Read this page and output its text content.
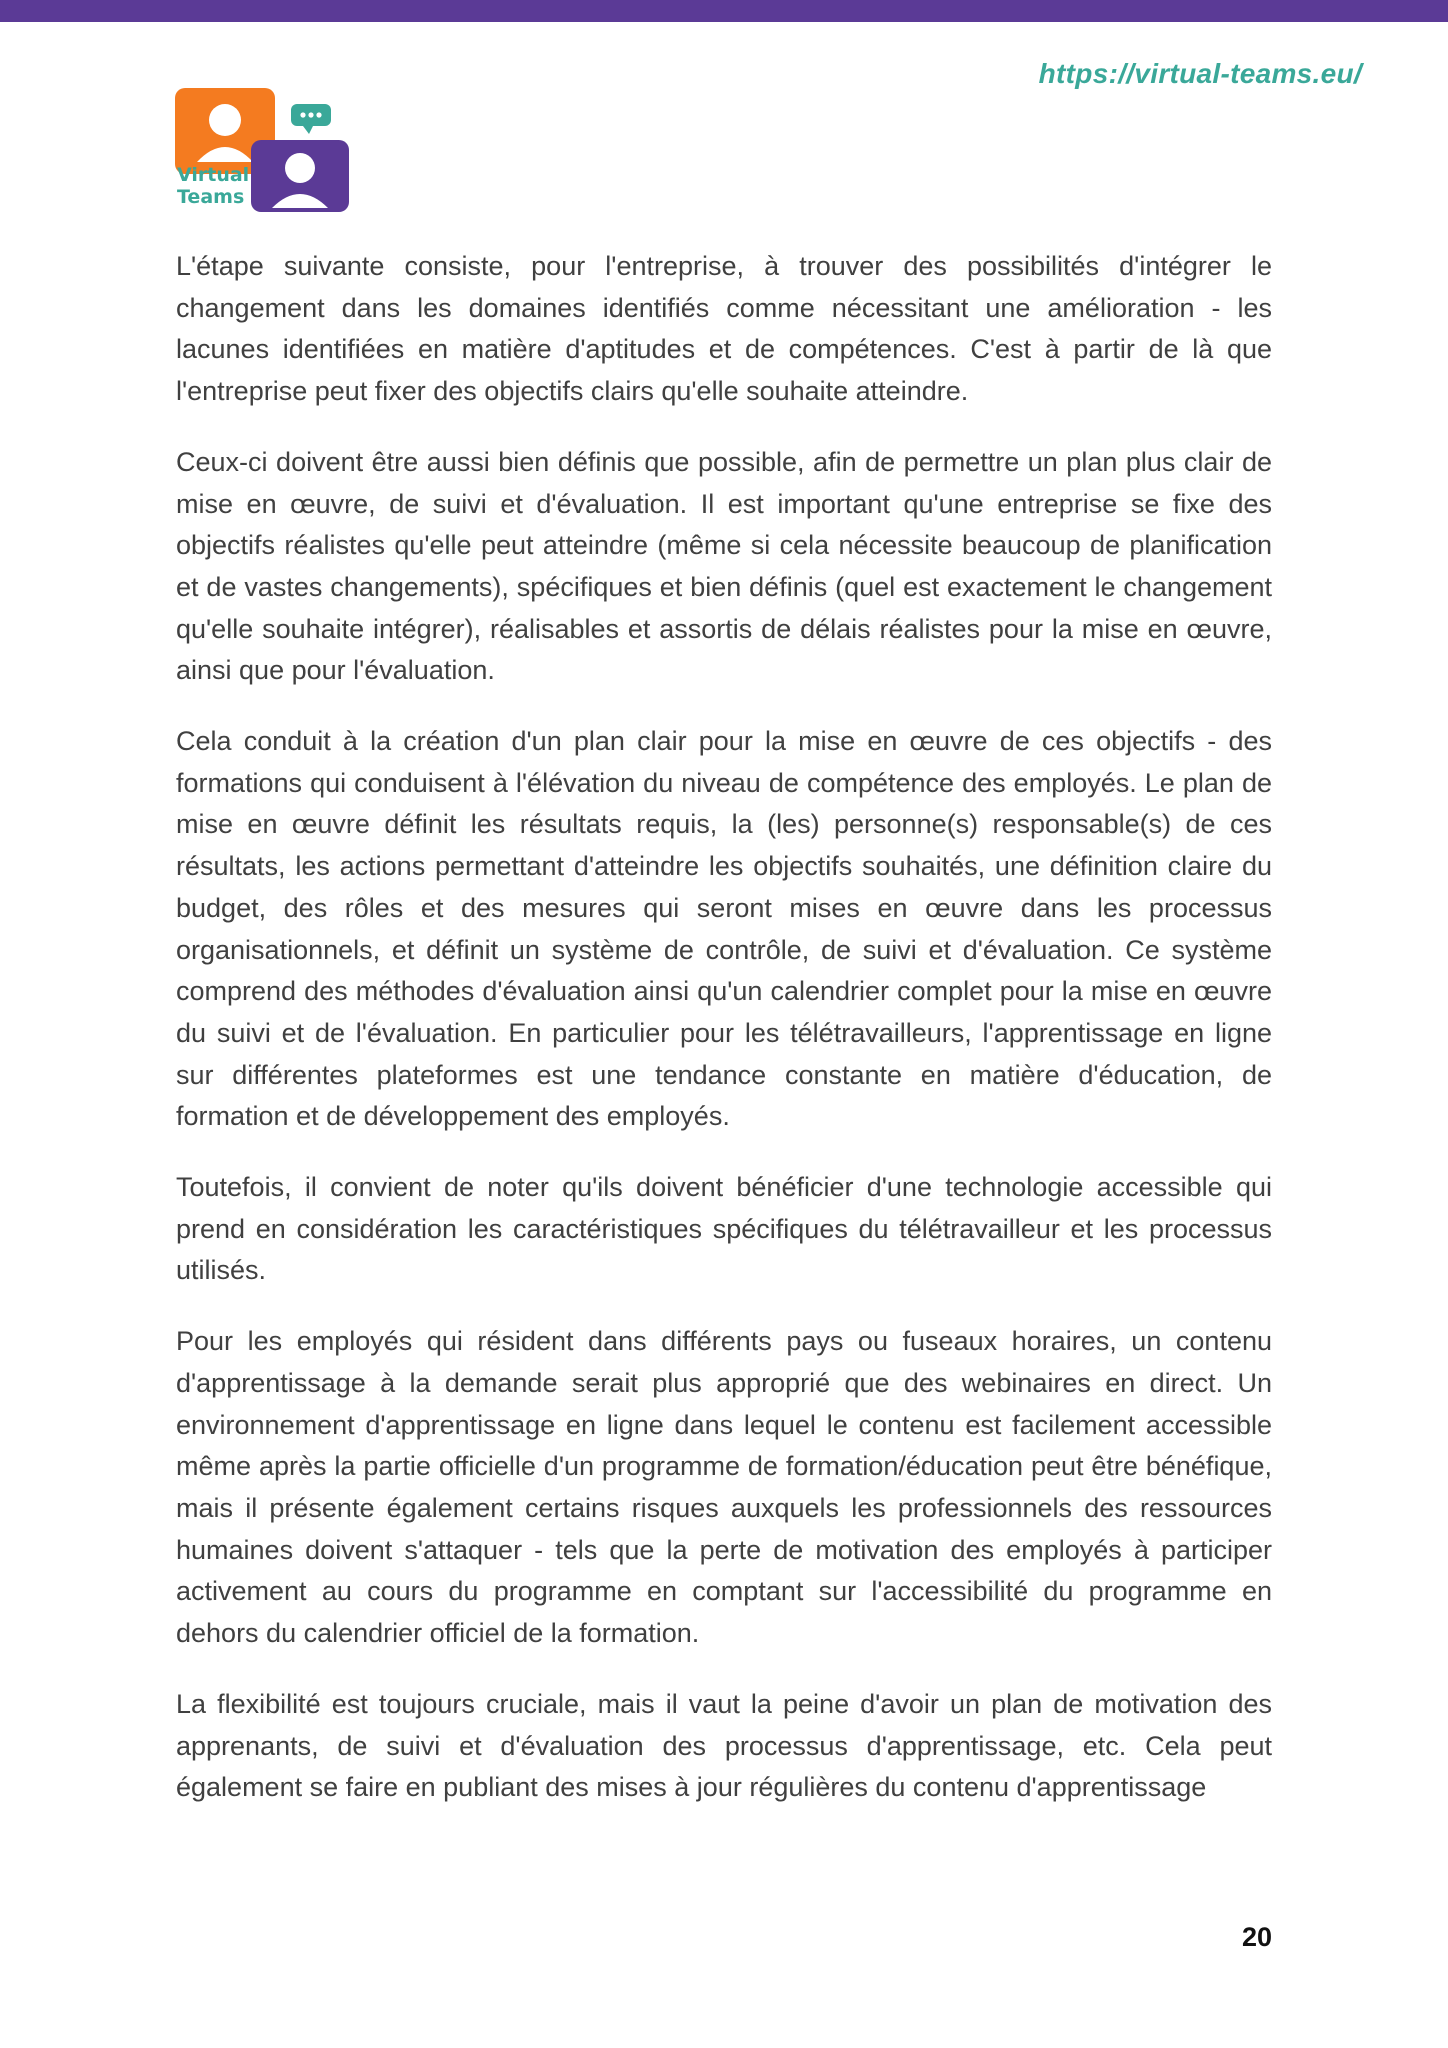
https://virtual-teams.eu/
Virtual
Teams

L'étape suivante consiste, pour l'entreprise, à trouver des possibilités d'intégrer le changement dans les domaines identifiés comme nécessitant une amélioration - les lacunes identifiées en matière d'aptitudes et de compétences. C'est à partir de là que l'entreprise peut fixer des objectifs clairs qu'elle souhaite atteindre.

Ceux-ci doivent être aussi bien définis que possible, afin de permettre un plan plus clair de mise en œuvre, de suivi et d'évaluation. Il est important qu'une entreprise se fixe des objectifs réalistes qu'elle peut atteindre (même si cela nécessite beaucoup de planification et de vastes changements), spécifiques et bien définis (quel est exactement le changement qu'elle souhaite intégrer), réalisables et assortis de délais réalistes pour la mise en œuvre, ainsi que pour l'évaluation.

Cela conduit à la création d'un plan clair pour la mise en œuvre de ces objectifs - des formations qui conduisent à l'élévation du niveau de compétence des employés. Le plan de mise en œuvre définit les résultats requis, la (les) personne(s) responsable(s) de ces résultats, les actions permettant d'atteindre les objectifs souhaités, une définition claire du budget, des rôles et des mesures qui seront mises en œuvre dans les processus organisationnels, et définit un système de contrôle, de suivi et d'évaluation. Ce système comprend des méthodes d'évaluation ainsi qu'un calendrier complet pour la mise en œuvre du suivi et de l'évaluation. En particulier pour les télétravailleurs, l'apprentissage en ligne sur différentes plateformes est une tendance constante en matière d'éducation, de formation et de développement des employés.

Toutefois, il convient de noter qu'ils doivent bénéficier d'une technologie accessible qui prend en considération les caractéristiques spécifiques du télétravailleur et les processus utilisés.

Pour les employés qui résident dans différents pays ou fuseaux horaires, un contenu d'apprentissage à la demande serait plus approprié que des webinaires en direct. Un environnement d'apprentissage en ligne dans lequel le contenu est facilement accessible même après la partie officielle d'un programme de formation/éducation peut être bénéfique, mais il présente également certains risques auxquels les professionnels des ressources humaines doivent s'attaquer - tels que la perte de motivation des employés à participer activement au cours du programme en comptant sur l'accessibilité du programme en dehors du calendrier officiel de la formation.

La flexibilité est toujours cruciale, mais il vaut la peine d'avoir un plan de motivation des apprenants, de suivi et d'évaluation des processus d'apprentissage, etc. Cela peut également se faire en publiant des mises à jour régulières du contenu d'apprentissage

20
